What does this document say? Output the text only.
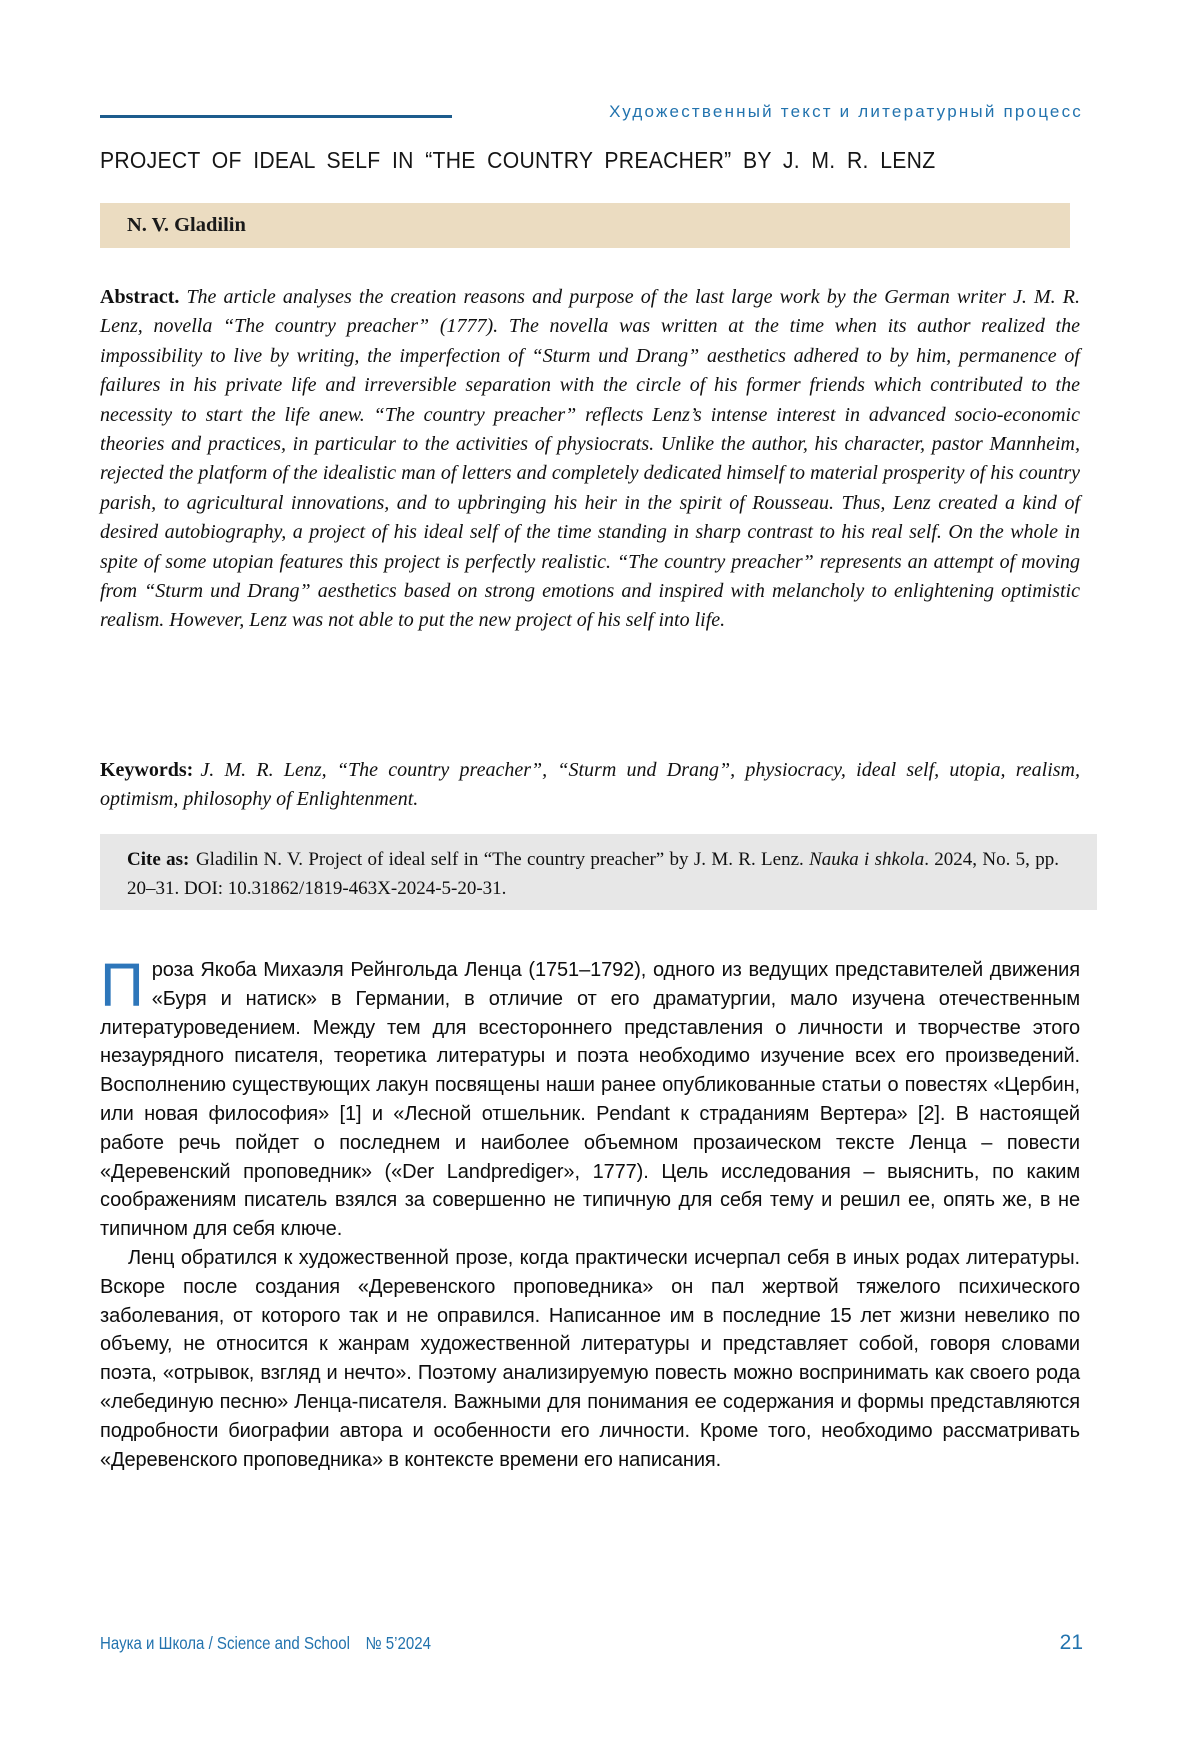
Художественный текст и литературный процесс
PROJECT OF IDEAL SELF IN “THE COUNTRY PREACHER” BY J. M. R. LENZ
N. V. Gladilin

Abstract. The article analyses the creation reasons and purpose of the last large work by the German writer J. M. R. Lenz, novella “The country preacher” (1777). The novella was written at the time when its author realized the impossibility to live by writing, the imperfection of “Sturm und Drang” aesthetics adhered to by him, permanence of failures in his private life and irreversible separation with the circle of his former friends which contributed to the necessity to start the life anew. “The country preacher” reflects Lenz’s intense interest in advanced socio-economic theories and practices, in particular to the activities of physiocrats. Unlike the author, his character, pastor Mannheim, rejected the platform of the idealistic man of letters and completely dedicated himself to material prosperity of his country parish, to agricultural innovations, and to upbringing his heir in the spirit of Rousseau. Thus, Lenz created a kind of desired autobiography, a project of his ideal self of the time standing in sharp contrast to his real self. On the whole in spite of some utopian features this project is perfectly realistic. “The country preacher” represents an attempt of moving from “Sturm und Drang” aesthetics based on strong emotions and inspired with melancholy to enlightening optimistic realism. However, Lenz was not able to put the new project of his self into life.

Keywords: J. M. R. Lenz, “The country preacher”, “Sturm und Drang”, physiocracy, ideal self, utopia, realism, optimism, philosophy of Enlightenment.

Cite as: Gladilin N. V. Project of ideal self in “The country preacher” by J. M. R. Lenz. Nauka i shkola. 2024, No. 5, pp. 20–31. DOI: 10.31862/1819-463X-2024-5-20-31.

Проза Якоба Михаэля Рейнгольда Ленца (1751–1792), одного из ведущих представителей движения «Буря и натиск» в Германии, в отличие от его драматургии, мало изучена отечественным литературоведением. Между тем для всестороннего представления о личности и творчестве этого незаурядного писателя, теоретика литературы и поэта необходимо изучение всех его произведений. Восполнению существующих лакун посвящены наши ранее опубликованные статьи о повестях «Цербин, или новая философия» [1] и «Лесной отшельник. Pendant к страданиям Вертера» [2]. В настоящей работе речь пойдет о последнем и наиболее объемном прозаическом тексте Ленца – повести «Деревенский проповедник» («Der Landprediger», 1777). Цель исследования – выяснить, по каким соображениям писатель взялся за совершенно не типичную для себя тему и решил ее, опять же, в не типичном для себя ключе.

Ленц обратился к художественной прозе, когда практически исчерпал себя в иных родах литературы. Вскоре после создания «Деревенского проповедника» он пал жертвой тяжелого психического заболевания, от которого так и не оправился. Написанное им в последние 15 лет жизни невелико по объему, не относится к жанрам художественной литературы и представляет собой, говоря словами поэта, «отрывок, взгляд и нечто». Поэтому анализируемую повесть можно воспринимать как своего рода «лебединую песню» Ленца-писателя. Важными для понимания ее содержания и формы представляются подробности биографии автора и особенности его личности. Кроме того, необходимо рассматривать «Деревенского проповедника» в контексте времени его написания.

Наука и Школа / Science and School № 5’2024	21
